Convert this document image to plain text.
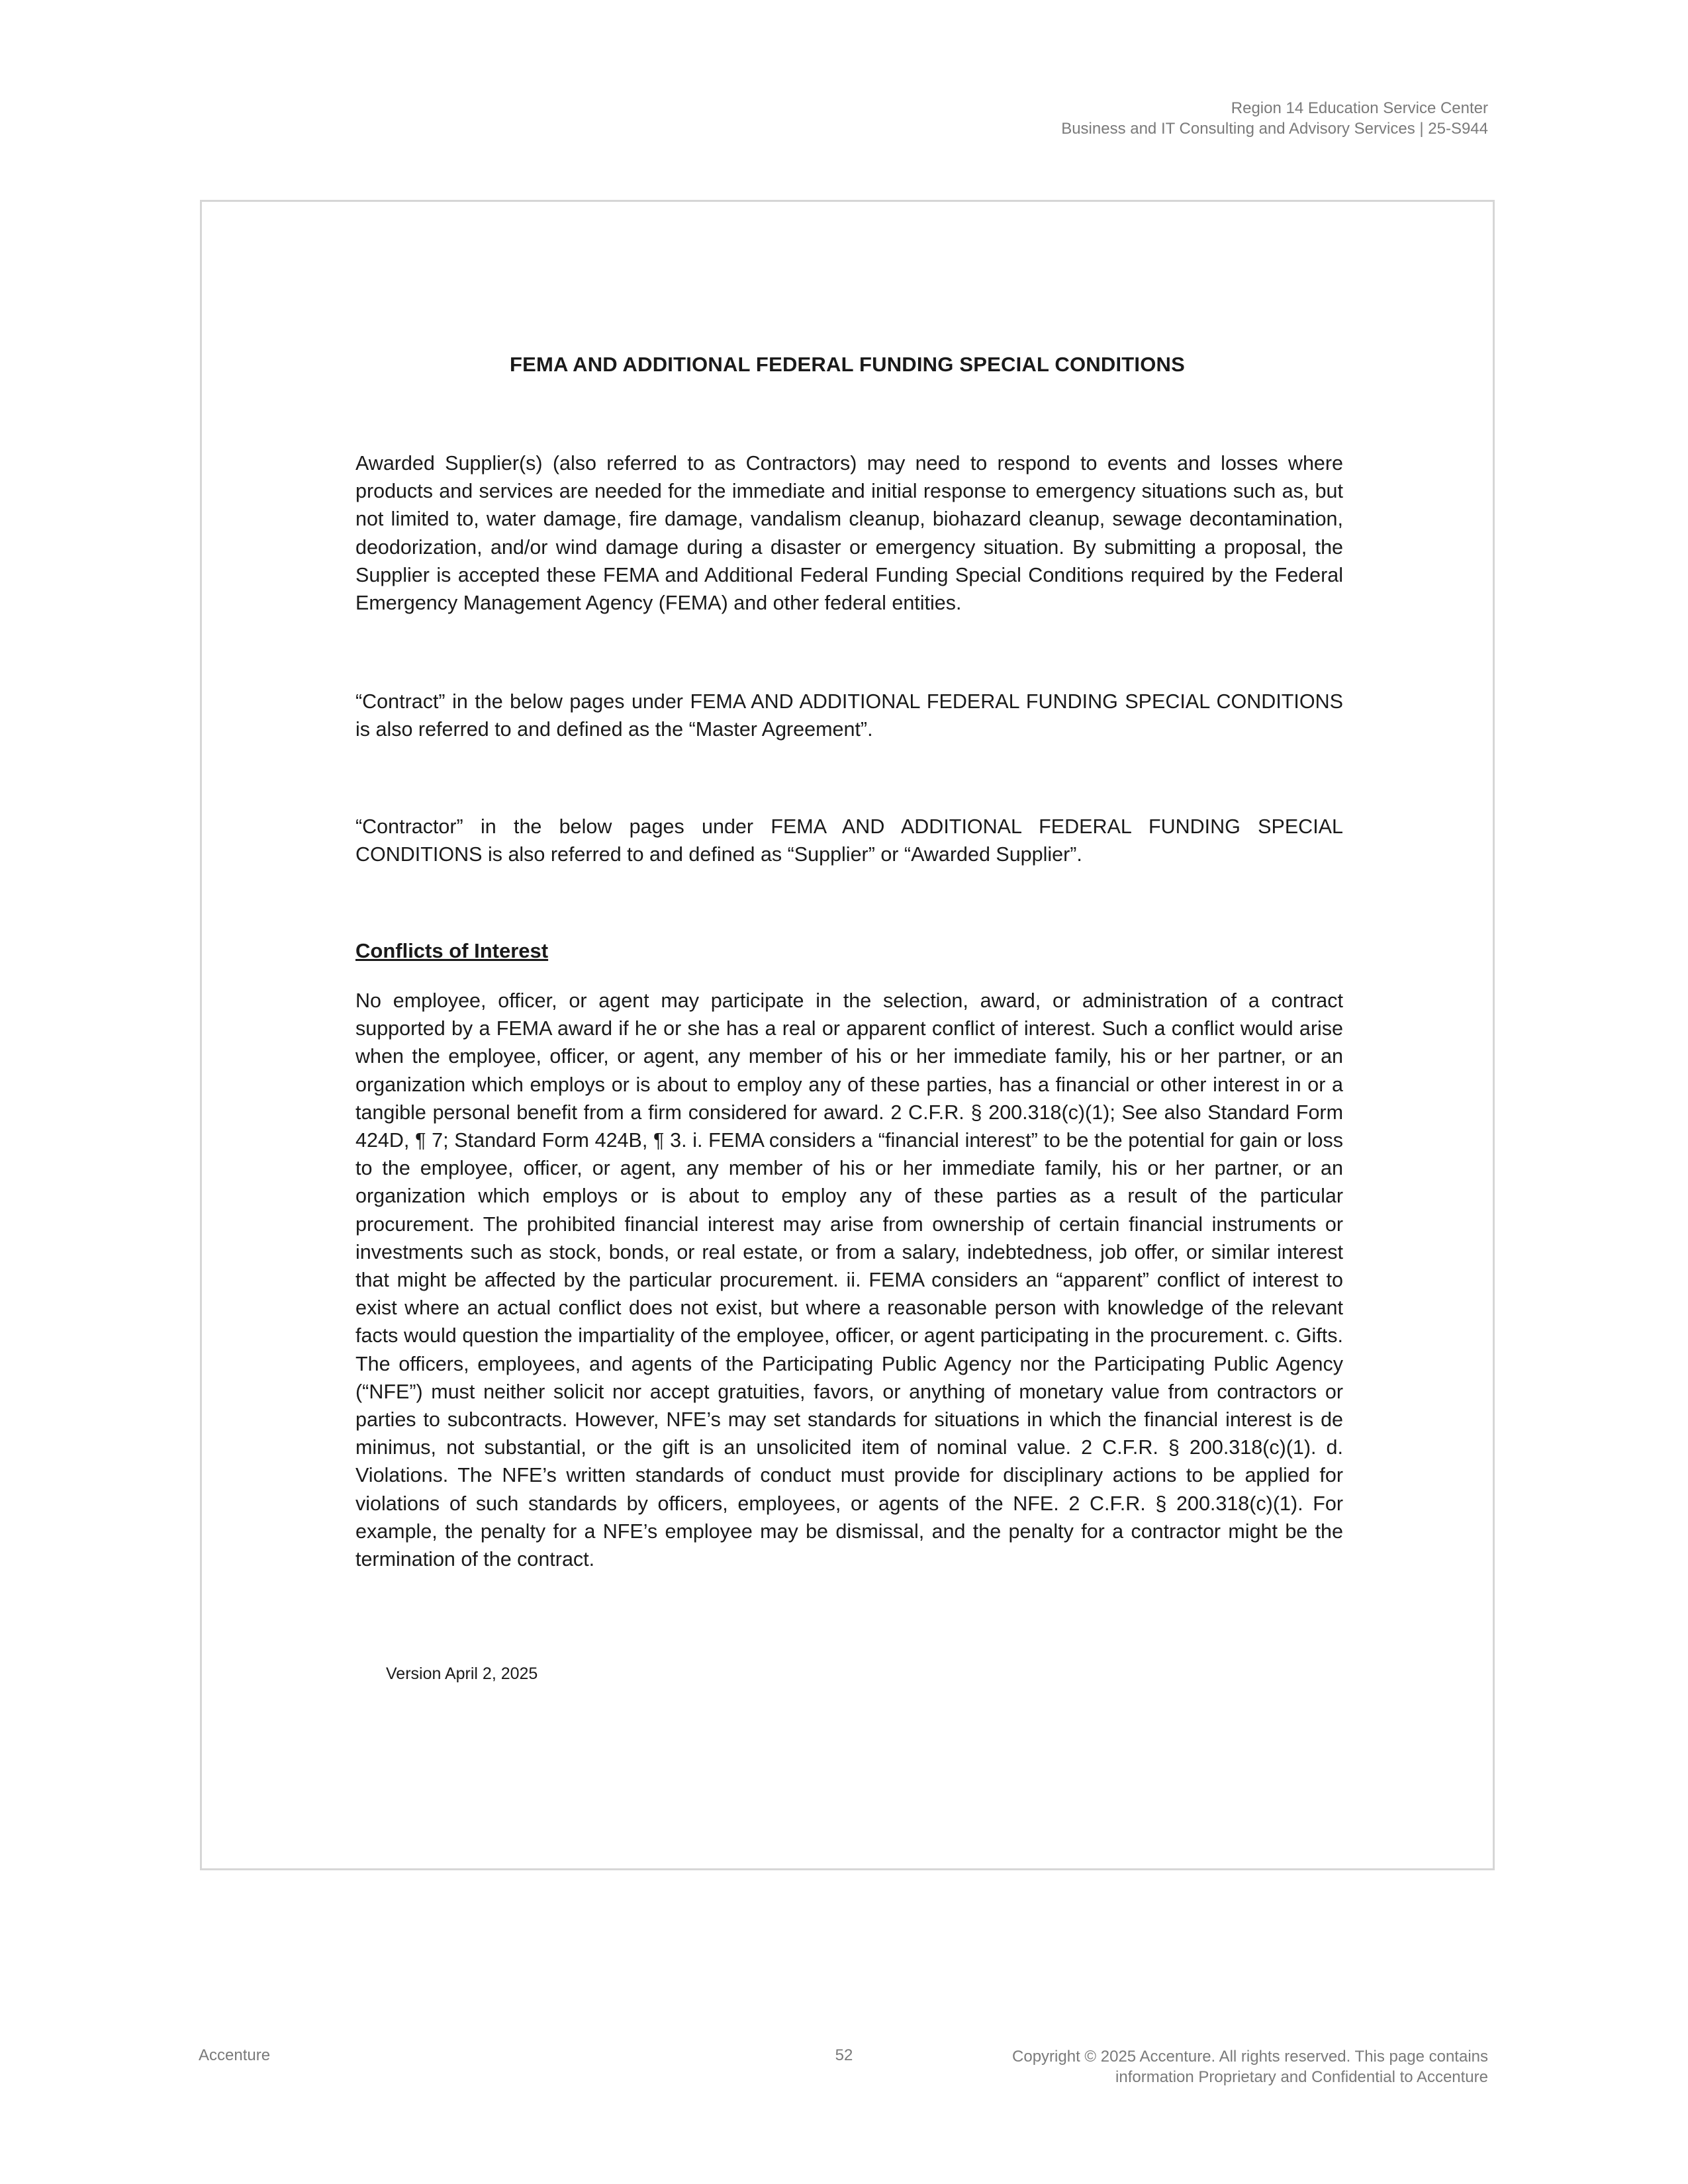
Region 14 Education Service Center
Business and IT Consulting and Advisory Services | 25-S944
FEMA AND ADDITIONAL FEDERAL FUNDING SPECIAL CONDITIONS

Awarded Supplier(s) (also referred to as Contractors) may need to respond to events and losses where products and services are needed for the immediate and initial response to emergency situations such as, but not limited to, water damage, fire damage, vandalism cleanup, biohazard cleanup, sewage decontamination, deodorization, and/or wind damage during a disaster or emergency situation. By submitting a proposal, the Supplier is accepted these FEMA and Additional Federal Funding Special Conditions required by the Federal Emergency Management Agency (FEMA) and other federal entities.

“Contract” in the below pages under FEMA AND ADDITIONAL FEDERAL FUNDING SPECIAL CONDITIONS is also referred to and defined as the “Master Agreement”.

“Contractor” in the below pages under FEMA AND ADDITIONAL FEDERAL FUNDING SPECIAL CONDITIONS is also referred to and defined as “Supplier” or “Awarded Supplier”.

Conflicts of Interest

No employee, officer, or agent may participate in the selection, award, or administration of a contract supported by a FEMA award if he or she has a real or apparent conflict of interest. Such a conflict would arise when the employee, officer, or agent, any member of his or her immediate family, his or her partner, or an organization which employs or is about to employ any of these parties, has a financial or other interest in or a tangible personal benefit from a firm considered for award. 2 C.F.R. § 200.318(c)(1); See also Standard Form 424D, ¶ 7; Standard Form 424B, ¶ 3. i. FEMA considers a “financial interest” to be the potential for gain or loss to the employee, officer, or agent, any member of his or her immediate family, his or her partner, or an organization which employs or is about to employ any of these parties as a result of the particular procurement. The prohibited financial interest may arise from ownership of certain financial instruments or investments such as stock, bonds, or real estate, or from a salary, indebtedness, job offer, or similar interest that might be affected by the particular procurement. ii. FEMA considers an “apparent” conflict of interest to exist where an actual conflict does not exist, but where a reasonable person with knowledge of the relevant facts would question the impartiality of the employee, officer, or agent participating in the procurement. c. Gifts. The officers, employees, and agents of the Participating Public Agency nor the Participating Public Agency (“NFE”) must neither solicit nor accept gratuities, favors, or anything of monetary value from contractors or parties to subcontracts. However, NFE’s may set standards for situations in which the financial interest is de minimus, not substantial, or the gift is an unsolicited item of nominal value. 2 C.F.R. § 200.318(c)(1). d. Violations. The NFE’s written standards of conduct must provide for disciplinary actions to be applied for violations of such standards by officers, employees, or agents of the NFE. 2 C.F.R. § 200.318(c)(1). For example, the penalty for a NFE’s employee may be dismissal, and the penalty for a contractor might be the termination of the contract.

Version April 2, 2025
Accenture	52	Copyright © 2025 Accenture. All rights reserved. This page contains
information Proprietary and Confidential to Accenture
